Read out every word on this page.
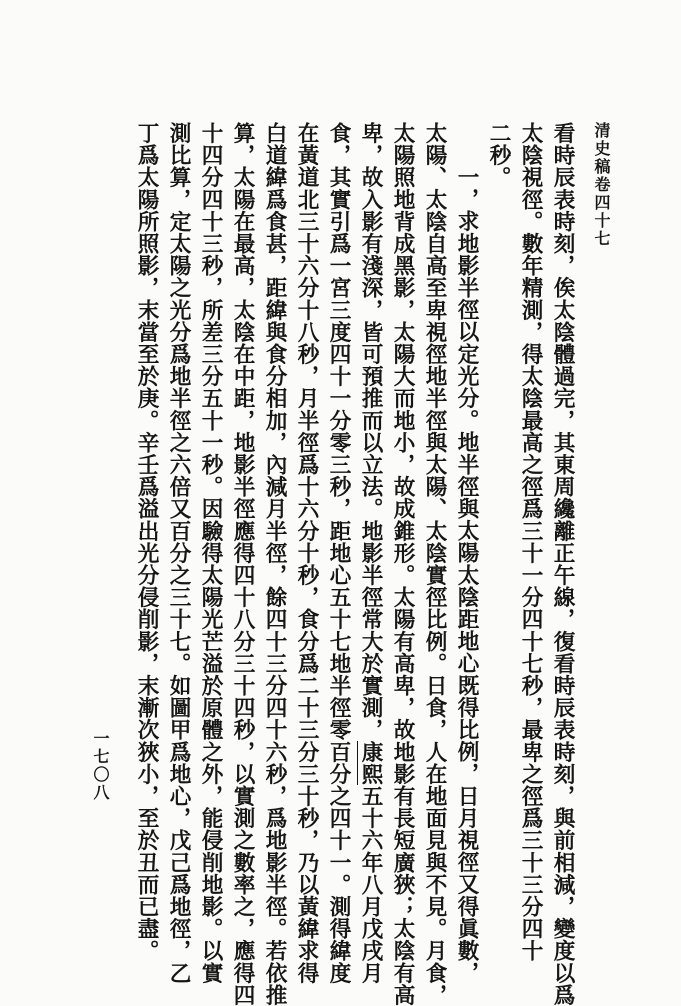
清史稿卷四十七
看時辰表時刻，俟太陰體過完，其東周纔離正午線，復看時辰表時刻，與前相減，變度以爲
太陰視徑。數年精測，得太陰最高之徑爲三十一分四十七秒，最卑之徑爲三十三分四十
二秒。
一，求地影半徑以定光分。地半徑與太陽太陰距地心既得比例，日月視徑又得眞數，
太陽、太陰自高至卑視徑地半徑與太陽、太陰實徑比例。日食，人在地面見與不見。月食，
太陽照地背成黑影，太陽大而地小，故成錐形。太陽有高卑，故地影有長短廣狹；太陰有高
卑，故入影有淺深，皆可預推而以立法。地影半徑常大於實測，康熙五十六年八月戊戌月
食，其實引爲一宮三度四十一分零三秒，距地心五十七地半徑零百分之四十一。測得緯度
在黃道北三十六分十八秒，月半徑爲十六分十秒，食分爲二十三分三十秒，乃以黃緯求得
白道緯爲食甚，距緯與食分相加，內減月半徑，餘四十三分四十六秒，爲地影半徑。若依推
算，太陽在最高，太陰在中距，地影半徑應得四十八分三十四秒，以實測之數率之，應得四
十四分四十三秒，所差三分五十一秒。因驗得太陽光芒溢於原體之外，能侵削地影。以實
測比算，定太陽之光分爲地半徑之六倍又百分之三十七。如圖甲爲地心，戊己爲地徑，乙
丁爲太陽所照影，末當至於庚。辛壬爲溢出光分侵削影，末漸次狹小，至於丑而已盡。
一七〇八
